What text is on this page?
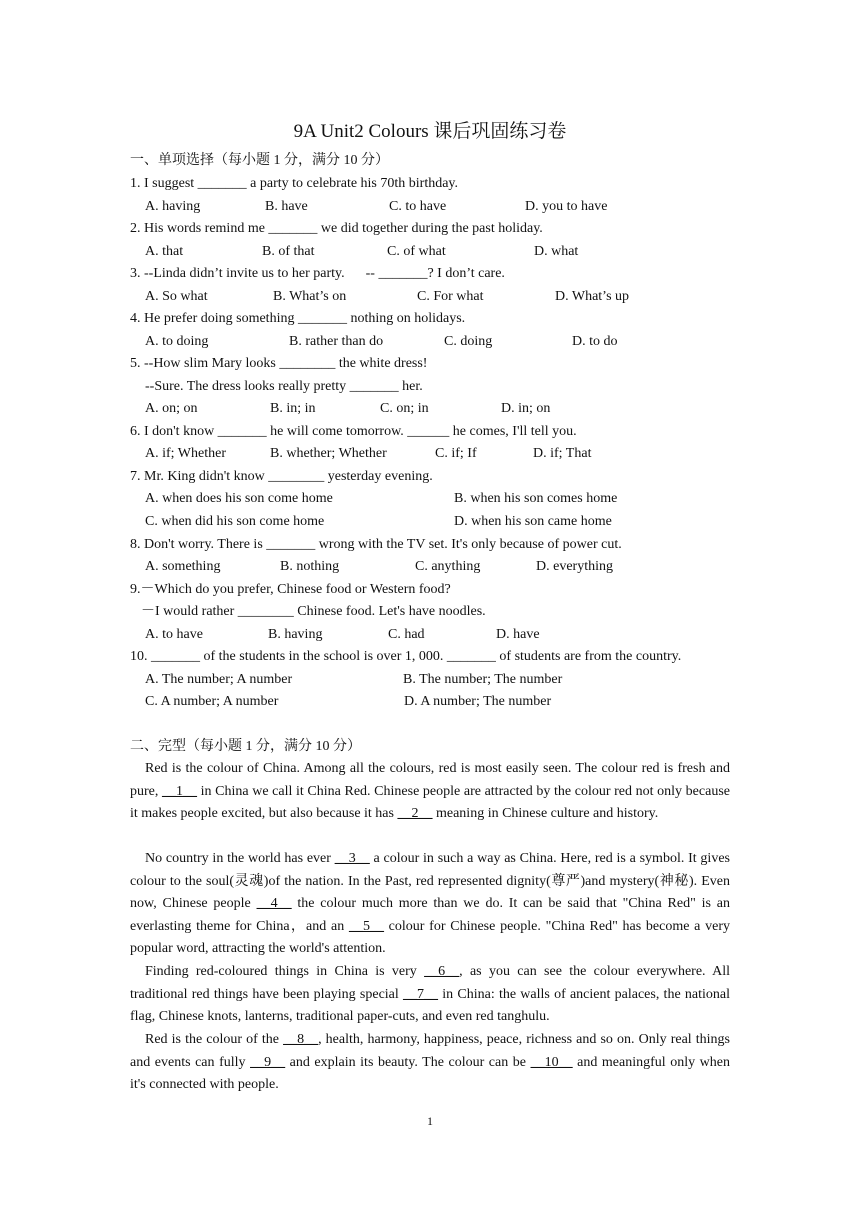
9A Unit2 Colours 课后巩固练习卷
一、单项选择（每小题 1 分，满分 10 分）
1. I suggest _______ a party to celebrate his 70th birthday.
A. having	B. have	C. to have	D. you to have
2. His words remind me _______ we did together during the past holiday.
A. that	B. of that	C. of what	D. what
3. --Linda didn’t invite us to her party.      -- _______? I don’t care.
A. So what	B. What’s on	C. For what	D. What’s up
4. He prefer doing something _______ nothing on holidays.
A. to doing	B. rather than do	C. doing	D. to do
5. --How slim Mary looks ________ the white dress!
--Sure. The dress looks really pretty _______ her.
A. on; on	B. in; in	C. on; in	D. in; on
6. I don't know _______ he will come tomorrow. ______ he comes, I'll tell you.
A. if; Whether	B. whether; Whether	C. if; If	D. if; That
7. Mr. King didn't know ________ yesterday evening.
A. when does his son come home	B. when his son comes home
C. when did his son come home	D. when his son came home
8. Don't worry. There is _______ wrong with the TV set. It's only because of power cut.
A. something	B. nothing	C. anything	D. everything
9.－Which do you prefer, Chinese food or Western food?
－I would rather ________ Chinese food. Let's have noodles.
A. to have	B. having	C. had	D. have
10. _______ of the students in the school is over 1, 000. _______ of students are from the country.
A. The number; A number	B. The number; The number
C. A number; A number	D. A number; The number
二、完型（每小题 1 分，满分 10 分）
Red is the colour of China. Among all the colours, red is most easily seen. The colour red is fresh and pure, __1__ in China we call it China Red. Chinese people are attracted by the colour red not only because it makes people excited, but also because it has __2__ meaning in Chinese culture and history.
No country in the world has ever __3__ a colour in such a way as China. Here, red is a symbol. It gives colour to the soul(灵魂)of the nation. In the Past, red represented dignity(尊严)and mystery(神秘). Even now, Chinese people __4__ the colour much more than we do. It can be said that "China Red" is an everlasting theme for China，and an __5__ colour for Chinese people. "China Red" has become a very popular word, attracting the world's attention.
Finding red-coloured things in China is very __6__, as you can see the colour everywhere. All traditional red things have been playing special __7__ in China: the walls of ancient palaces, the national flag, Chinese knots, lanterns, traditional paper-cuts, and even red tanghulu.
Red is the colour of the __8__, health, harmony, happiness, peace, richness and so on. Only real things and events can fully __9__ and explain its beauty. The colour can be __10__ and meaningful only when it's connected with people.
1
